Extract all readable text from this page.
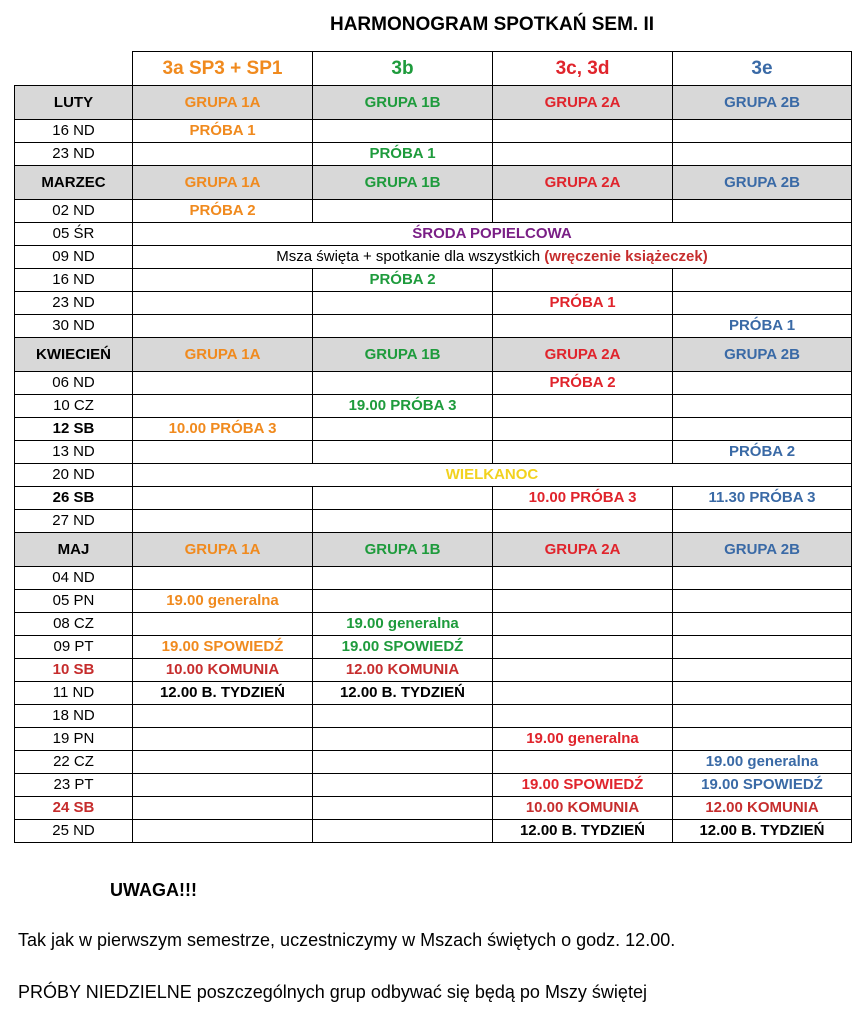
HARMONOGRAM SPOTKAŃ SEM. II
	3a SP3 + SP1	3b	3c, 3d	3e
LUTY	GRUPA 1A	GRUPA 1B	GRUPA 2A	GRUPA 2B
16 ND	PRÓBA 1			
23 ND		PRÓBA 1		
MARZEC	GRUPA 1A	GRUPA 1B	GRUPA 2A	GRUPA 2B
02 ND	PRÓBA 2			
05 ŚR	ŚRODA POPIELCOWA			
09 ND	Msza święta + spotkanie dla wszystkich (wręczenie książeczek)			
16 ND		PRÓBA 2		
23 ND			PRÓBA 1	
30 ND				PRÓBA 1
KWIECIEŃ	GRUPA 1A	GRUPA 1B	GRUPA 2A	GRUPA 2B
06 ND			PRÓBA 2	
10 CZ		19.00 PRÓBA 3		
12 SB	10.00 PRÓBA 3			
13 ND				PRÓBA 2
20 ND	WIELKANOC			
26 SB			10.00 PRÓBA 3	11.30 PRÓBA 3
27 ND				
MAJ	GRUPA 1A	GRUPA 1B	GRUPA 2A	GRUPA 2B
04 ND				
05 PN	19.00 generalna			
08 CZ		19.00 generalna		
09 PT	19.00 SPOWIEDŹ	19.00 SPOWIEDŹ		
10 SB	10.00 KOMUNIA	12.00 KOMUNIA		
11 ND	12.00 B. TYDZIEŃ	12.00 B. TYDZIEŃ		
18 ND				
19 PN			19.00 generalna	
22 CZ				19.00 generalna
23 PT			19.00 SPOWIEDŹ	19.00 SPOWIEDŹ
24 SB			10.00 KOMUNIA	12.00 KOMUNIA
25 ND			12.00 B. TYDZIEŃ	12.00 B. TYDZIEŃ
UWAGA!!!
Tak jak w pierwszym semestrze, uczestniczymy w Mszach świętych o godz. 12.00.
PRÓBY NIEDZIELNE poszczególnych grup odbywać się będą po Mszy świętej
